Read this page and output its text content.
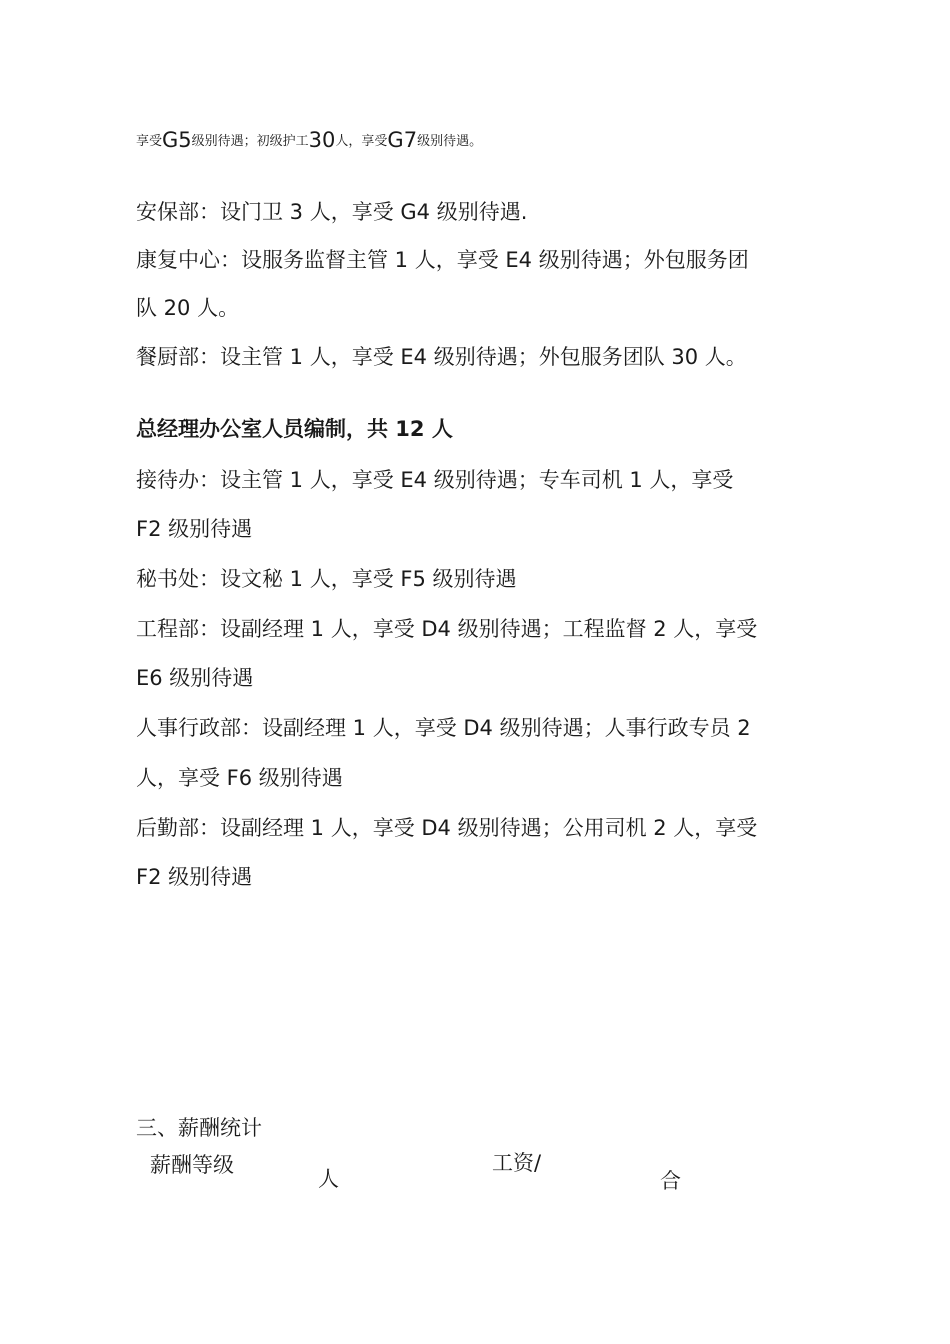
享受G5级别待遇；初级护工30人，享受G7级别待遇。
安保部：设门卫 3 人，享受 G4 级别待遇.
康复中心：设服务监督主管 1 人，享受 E4 级别待遇；外包服务团
队 20 人。
餐厨部：设主管 1 人，享受 E4 级别待遇；外包服务团队 30 人。
总经理办公室人员编制，共 12 人
接待办：设主管 1 人，享受 E4 级别待遇；专车司机 1 人，享受
F2 级别待遇
秘书处：设文秘 1 人，享受 F5 级别待遇
工程部：设副经理 1 人，享受 D4 级别待遇；工程监督 2 人，享受
E6 级别待遇
人事行政部：设副经理 1 人，享受 D4 级别待遇；人事行政专员 2
人，享受 F6 级别待遇
后勤部：设副经理 1 人，享受 D4 级别待遇；公用司机 2 人，享受
F2 级别待遇
三、薪酬统计
薪酬等级
人
工资/
合
